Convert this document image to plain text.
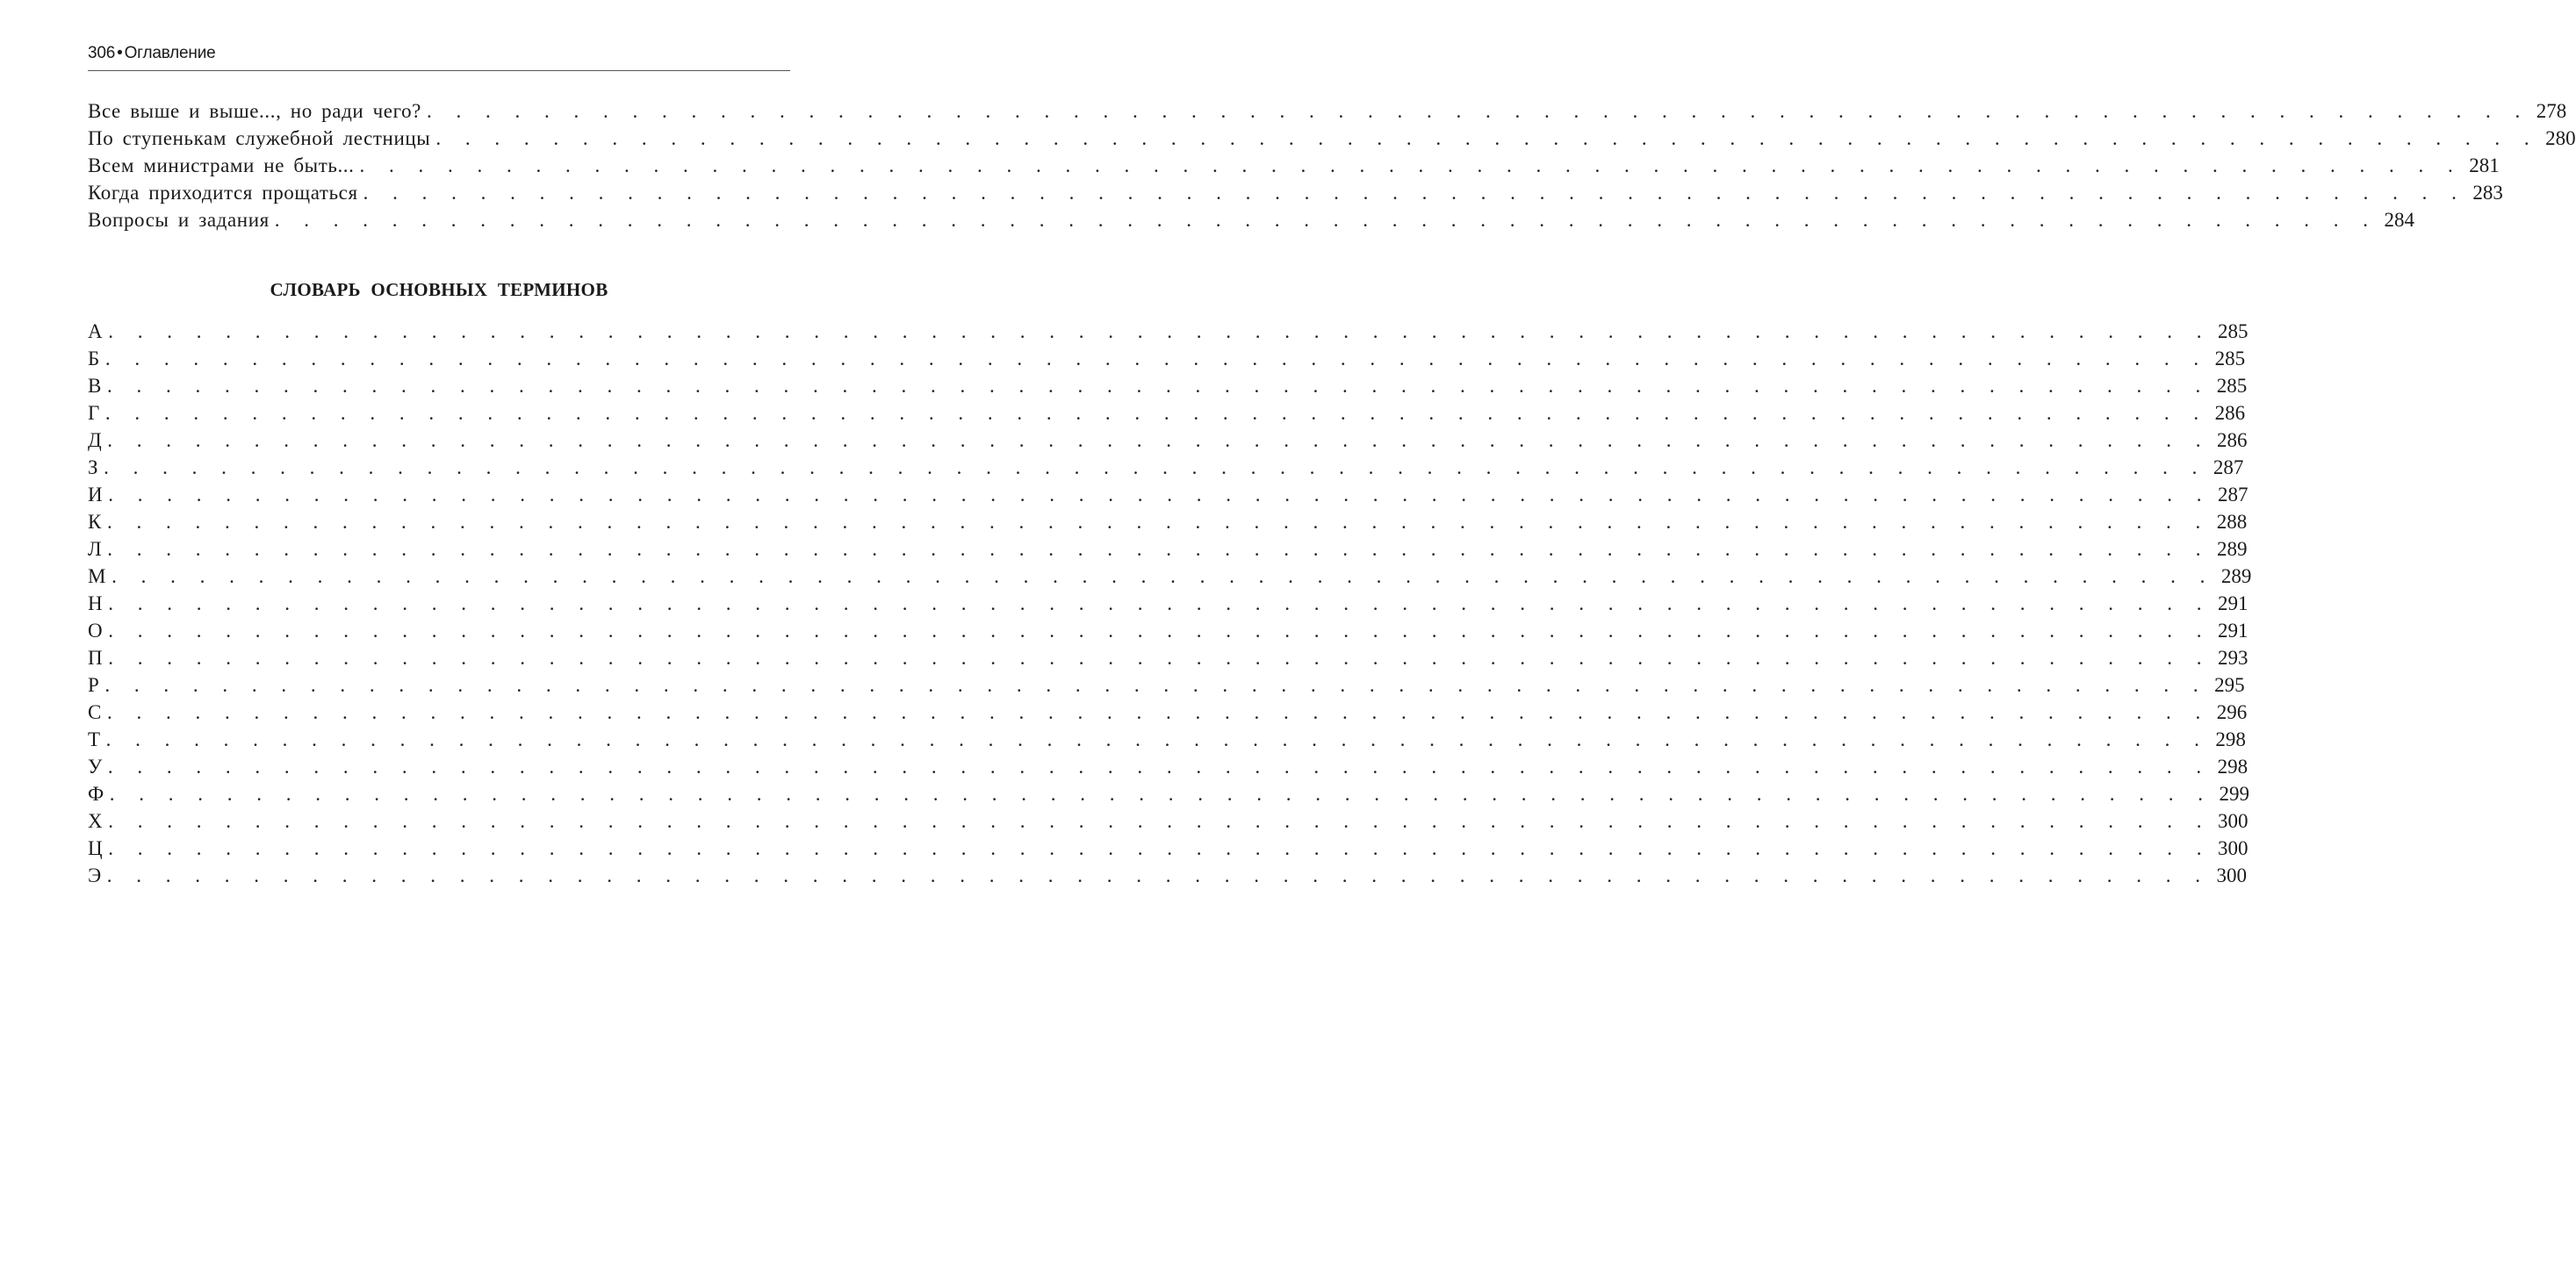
306 • Оглавление
Все выше и выше..., но ради чего? . . . . . . . . . . . . . . . . . . . . . . . . . . . . . . . . . . . . . . . . . . . . . . . . . . . . . . . . . . . . . . . . . . . . . . . . 278
По ступенькам служебной лестницы . . . . . . . . . . . . . . . . . . . . . . . . . . . . . . . . . . . . . . . . . . . . . . . . . . . . . . . . . . . . . . . . . . . . . . . . 280
Всем министрами не быть... . . . . . . . . . . . . . . . . . . . . . . . . . . . . . . . . . . . . . . . . . . . . . . . . . . . . . . . . . . . . . . . . . . . . . . . . 281
Когда приходится прощаться . . . . . . . . . . . . . . . . . . . . . . . . . . . . . . . . . . . . . . . . . . . . . . . . . . . . . . . . . . . . . . . . . . . . . . . . 283
Вопросы и задания . . . . . . . . . . . . . . . . . . . . . . . . . . . . . . . . . . . . . . . . . . . . . . . . . . . . . . . . . . . . . . . . . . . . . . . . 284
СЛОВАРЬ ОСНОВНЫХ ТЕРМИНОВ
А . . . . . . . . . . . . . . . . . . . . . . . . . . . . . . . . . . . . . . . . . . . . . . . . . . . . . . . . . . . . . . . . . . . . . . . . 285
Б . . . . . . . . . . . . . . . . . . . . . . . . . . . . . . . . . . . . . . . . . . . . . . . . . . . . . . . . . . . . . . . . . . . . . . . . 285
В . . . . . . . . . . . . . . . . . . . . . . . . . . . . . . . . . . . . . . . . . . . . . . . . . . . . . . . . . . . . . . . . . . . . . . . . 285
Г . . . . . . . . . . . . . . . . . . . . . . . . . . . . . . . . . . . . . . . . . . . . . . . . . . . . . . . . . . . . . . . . . . . . . . . . 286
Д . . . . . . . . . . . . . . . . . . . . . . . . . . . . . . . . . . . . . . . . . . . . . . . . . . . . . . . . . . . . . . . . . . . . . . . . 286
З . . . . . . . . . . . . . . . . . . . . . . . . . . . . . . . . . . . . . . . . . . . . . . . . . . . . . . . . . . . . . . . . . . . . . . . . 287
И . . . . . . . . . . . . . . . . . . . . . . . . . . . . . . . . . . . . . . . . . . . . . . . . . . . . . . . . . . . . . . . . . . . . . . . . 287
К . . . . . . . . . . . . . . . . . . . . . . . . . . . . . . . . . . . . . . . . . . . . . . . . . . . . . . . . . . . . . . . . . . . . . . . . 288
Л . . . . . . . . . . . . . . . . . . . . . . . . . . . . . . . . . . . . . . . . . . . . . . . . . . . . . . . . . . . . . . . . . . . . . . . . 289
М . . . . . . . . . . . . . . . . . . . . . . . . . . . . . . . . . . . . . . . . . . . . . . . . . . . . . . . . . . . . . . . . . . . . . . . . 289
Н . . . . . . . . . . . . . . . . . . . . . . . . . . . . . . . . . . . . . . . . . . . . . . . . . . . . . . . . . . . . . . . . . . . . . . . . 291
О . . . . . . . . . . . . . . . . . . . . . . . . . . . . . . . . . . . . . . . . . . . . . . . . . . . . . . . . . . . . . . . . . . . . . . . . 291
П . . . . . . . . . . . . . . . . . . . . . . . . . . . . . . . . . . . . . . . . . . . . . . . . . . . . . . . . . . . . . . . . . . . . . . . . 293
Р . . . . . . . . . . . . . . . . . . . . . . . . . . . . . . . . . . . . . . . . . . . . . . . . . . . . . . . . . . . . . . . . . . . . . . . . 295
С . . . . . . . . . . . . . . . . . . . . . . . . . . . . . . . . . . . . . . . . . . . . . . . . . . . . . . . . . . . . . . . . . . . . . . . . 296
Т . . . . . . . . . . . . . . . . . . . . . . . . . . . . . . . . . . . . . . . . . . . . . . . . . . . . . . . . . . . . . . . . . . . . . . . . 298
У . . . . . . . . . . . . . . . . . . . . . . . . . . . . . . . . . . . . . . . . . . . . . . . . . . . . . . . . . . . . . . . . . . . . . . . . 298
Ф . . . . . . . . . . . . . . . . . . . . . . . . . . . . . . . . . . . . . . . . . . . . . . . . . . . . . . . . . . . . . . . . . . . . . . . . 299
Х . . . . . . . . . . . . . . . . . . . . . . . . . . . . . . . . . . . . . . . . . . . . . . . . . . . . . . . . . . . . . . . . . . . . . . . . 300
Ц . . . . . . . . . . . . . . . . . . . . . . . . . . . . . . . . . . . . . . . . . . . . . . . . . . . . . . . . . . . . . . . . . . . . . . . . 300
Э . . . . . . . . . . . . . . . . . . . . . . . . . . . . . . . . . . . . . . . . . . . . . . . . . . . . . . . . . . . . . . . . . . . . . . . . 300
